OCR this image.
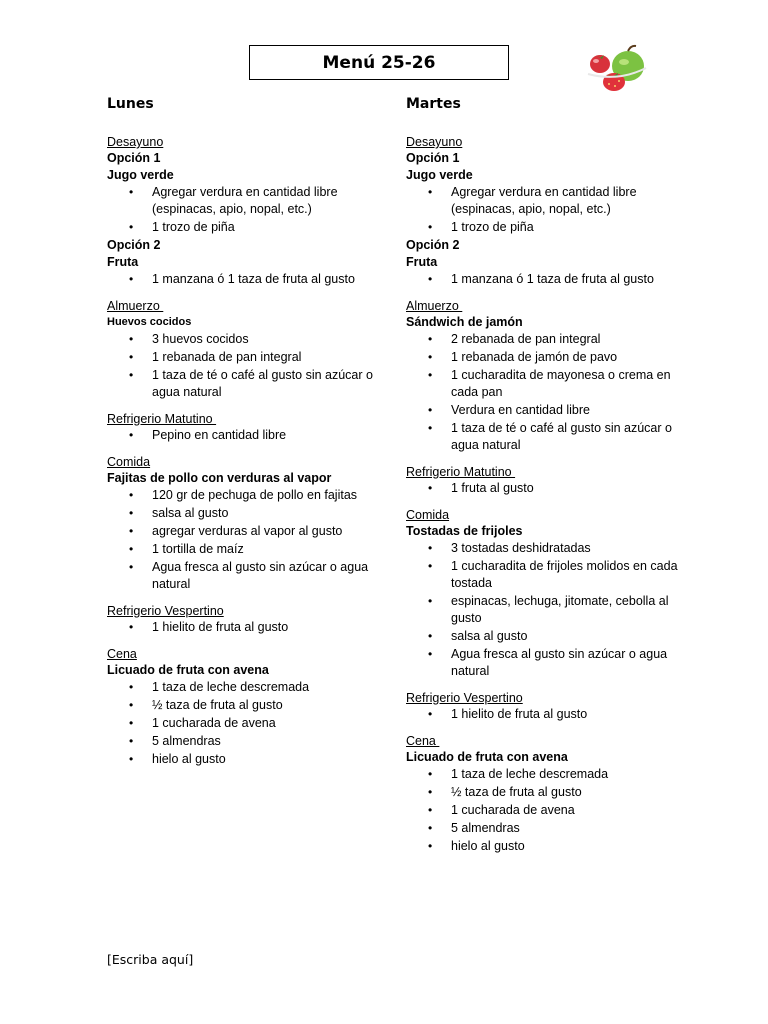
Menú 25-26
Lunes
Desayuno
Opción 1
Jugo verde
• Agregar verdura en cantidad libre (espinacas, apio, nopal, etc.)
• 1 trozo de piña
Opción 2
Fruta
• 1 manzana ó 1 taza de fruta al gusto
Almuerzo
Huevos cocidos
• 3 huevos cocidos
• 1 rebanada de pan integral
• 1 taza de té o café al gusto sin azúcar o agua natural
Refrigerio Matutino
• Pepino en cantidad libre
Comida
Fajitas de pollo con verduras al vapor
• 120 gr de pechuga de pollo en fajitas
• salsa al gusto
• agregar verduras al vapor al gusto
• 1 tortilla de maíz
• Agua fresca al gusto sin azúcar o agua natural
Refrigerio Vespertino
• 1 hielito de fruta al gusto
Cena
Licuado de fruta con avena
• 1 taza de leche descremada
• ½ taza de fruta al gusto
• 1 cucharada de avena
• 5 almendras
• hielo al gusto
Martes
Desayuno
Opción 1
Jugo verde
• Agregar verdura en cantidad libre (espinacas, apio, nopal, etc.)
• 1 trozo de piña
Opción 2
Fruta
• 1 manzana ó 1 taza de fruta al gusto
Almuerzo
Sándwich de jamón
• 2 rebanada de pan integral
• 1 rebanada de jamón de pavo
• 1 cucharadita de mayonesa o crema en cada pan
• Verdura en cantidad libre
• 1 taza de té o café al gusto sin azúcar o agua natural
Refrigerio Matutino
• 1 fruta al gusto
Comida
Tostadas de frijoles
• 3 tostadas deshidratadas
• 1 cucharadita de frijoles molidos en cada tostada
• espinacas, lechuga, jitomate, cebolla al gusto
• salsa al gusto
• Agua fresca al gusto sin azúcar o agua natural
Refrigerio Vespertino
• 1 hielito de fruta al gusto
Cena
Licuado de fruta con avena
• 1 taza de leche descremada
• ½ taza de fruta al gusto
• 1 cucharada de avena
• 5 almendras
• hielo al gusto
[Escriba aquí]
